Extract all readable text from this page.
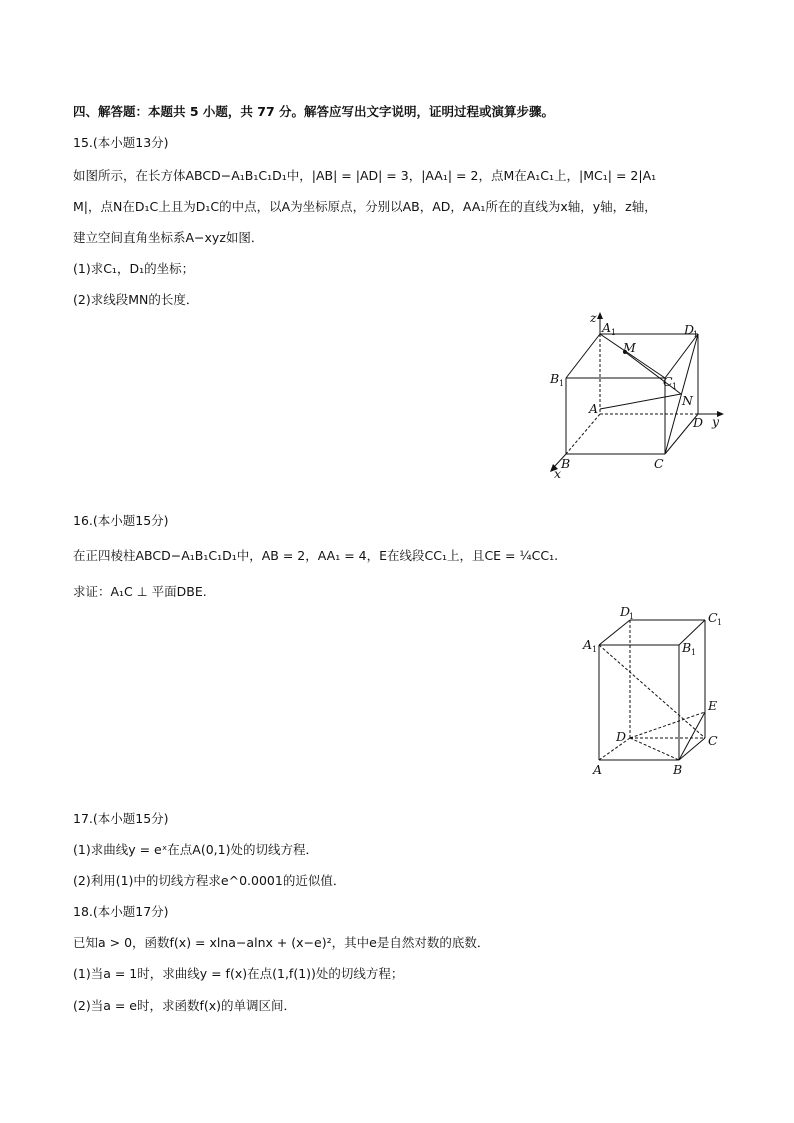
四、解答题：本题共 5 小题，共 77 分。解答应写出文字说明，证明过程或演算步骤。
15.(本小题13分)
如图所示，在长方体ABCD−A₁B₁C₁D₁中，|AB| = |AD| = 3，|AA₁| = 2，点M在A₁C₁上，|MC₁| = 2|A₁
M|，点N在D₁C上且为D₁C的中点，以A为坐标原点，分别以AB，AD，AA₁所在的直线为x轴，y轴，z轴，
建立空间直角坐标系A−xyz如图．
(1)求C₁，D₁的坐标；
(2)求线段MN的长度．
z
A 1	D
1
B 1
M
C 1
N
A
D y
B	C
x
16.(本小题15分)
在正四棱柱ABCD−A₁B₁C₁D₁中，AB = 2，AA₁ = 4，E在线段CC₁上，且CE = ¼CC₁.
求证：A₁C ⊥ 平面DBE.
D
1	C 1
A 1	B 1
E
D	C
A	B
17.(本小题15分)
(1)求曲线y = eˣ在点A(0,1)处的切线方程．
(2)利用(1)中的切线方程求e^0.0001的近似值．
18.(本小题17分)
已知a > 0，函数f(x) = xlna−alnx + (x−e)²，其中e是自然对数的底数．
(1)当a = 1时，求曲线y = f(x)在点(1,f(1))处的切线方程；
(2)当a = e时，求函数f(x)的单调区间．
